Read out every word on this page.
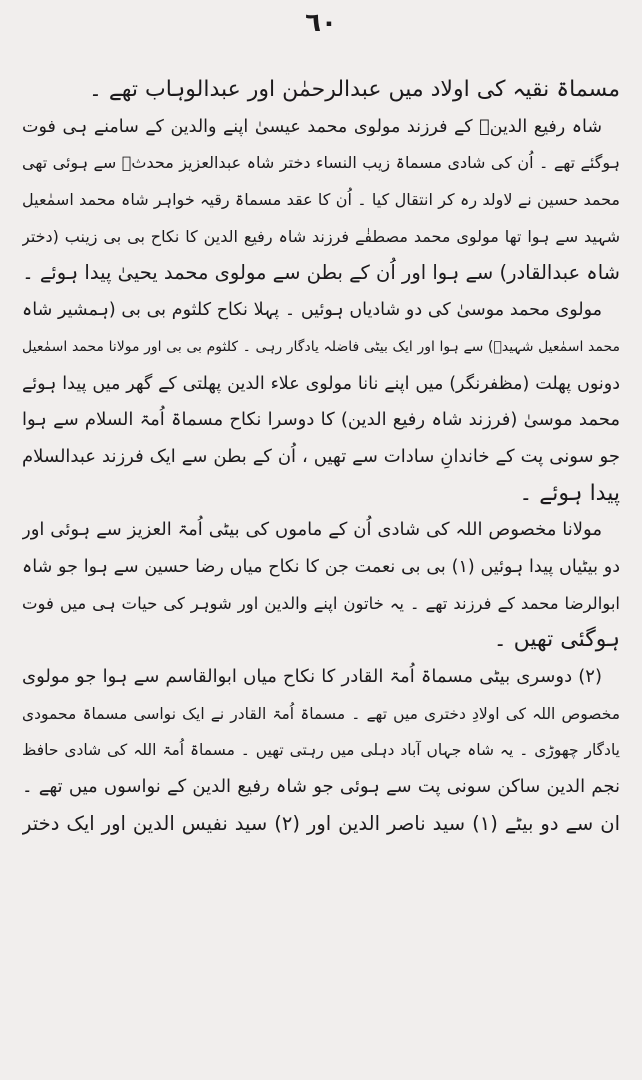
٦٠
مسماۃ نقیہ کی اولاد میں عبدالرحمٰن اور عبدالوہاب تھے ۔
شاہ رفیع الدینؒ کے فرزند مولوی محمد عیسیٰ اپنے والدین کے سامنے ہی فوت
ہوگئے تھے ۔ اُن کی شادی مسماۃ زیب النساء دختر شاہ عبدالعزیز محدثؒ سے ہوئی تھی
محمد حسین نے لاولد رہ کر انتقال کیا ۔ اُن کا عقد مسماۃ رقیہ خواہر شاہ محمد اسمٰعیل
شہید سے ہوا تھا مولوی محمد مصطفٰے فرزند شاہ رفیع الدین کا نکاح بی بی زینب (دختر
شاہ عبدالقادر) سے ہوا اور اُن کے بطن سے مولوی محمد یحییٰ پیدا ہوئے ۔
مولوی محمد موسیٰ کی دو شادیاں ہوئیں ۔ پہلا نکاح کلثوم بی بی (ہمشیر شاہ
محمد اسمٰعیل شہیدؒ) سے ہوا اور ایک بیٹی فاضلہ یادگار رہی ۔ کلثوم بی بی اور مولانا محمد اسمٰعیل
دونوں پھلت (مظفرنگر) میں اپنے نانا مولوی علاء الدین پھلتی کے گھر میں پیدا ہوئے
محمد موسیٰ (فرزند شاہ رفیع الدین) کا دوسرا نکاح مسماۃ اُمۃ السلام سے ہوا
جو سونی پت کے خاندانِ سادات سے تھیں ، اُن کے بطن سے ایک فرزند عبدالسلام
پیدا ہوئے ۔
مولانا مخصوص اللہ کی شادی اُن کے ماموں کی بیٹی اُمۃ العزیز سے ہوئی اور
دو بیٹیاں پیدا ہوئیں (۱) بی بی نعمت جن کا نکاح میاں رضا حسین سے ہوا جو شاہ
ابوالرضا محمد کے فرزند تھے ۔ یہ خاتون اپنے والدین اور شوہر کی حیات ہی میں فوت
ہوگئی تھیں ۔
(۲) دوسری بیٹی مسماۃ اُمۃ القادر کا نکاح میاں ابوالقاسم سے ہوا جو مولوی
مخصوص اللہ کی اولادِ دختری میں تھے ۔ مسماۃ اُمۃ القادر نے ایک نواسی مسماۃ محمودی
یادگار چھوڑی ۔ یہ شاہ جہاں آباد دہلی میں رہتی تھیں ۔ مسماۃ اُمۃ اللہ کی شادی حافظ
نجم الدین ساکن سونی پت سے ہوئی جو شاہ رفیع الدین کے نواسوں میں تھے ۔
ان سے دو بیٹے (۱) سید ناصر الدین اور (۲) سید نفیس الدین اور ایک دختر
